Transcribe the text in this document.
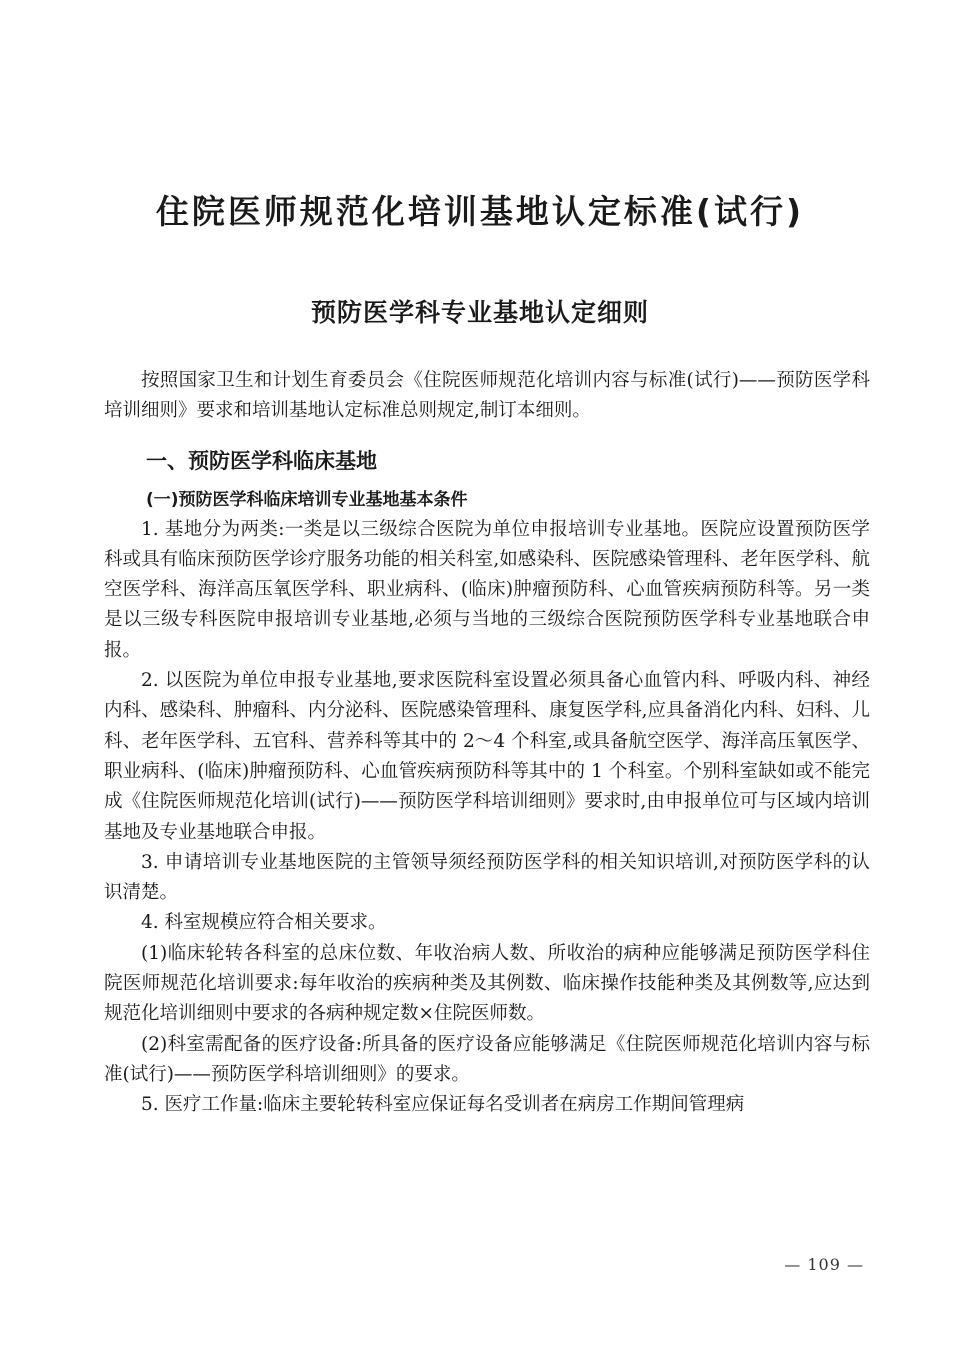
住院医师规范化培训基地认定标准(试行)
预防医学科专业基地认定细则

按照国家卫生和计划生育委员会《住院医师规范化培训内容与标准(试行)——预防医学科培训细则》要求和培训基地认定标准总则规定,制订本细则。

一、预防医学科临床基地
(一)预防医学科临床培训专业基地基本条件

1. 基地分为两类:一类是以三级综合医院为单位申报培训专业基地。医院应设置预防医学科或具有临床预防医学诊疗服务功能的相关科室,如感染科、医院感染管理科、老年医学科、航空医学科、海洋高压氧医学科、职业病科、(临床)肿瘤预防科、心血管疾病预防科等。另一类是以三级专科医院申报培训专业基地,必须与当地的三级综合医院预防医学科专业基地联合申报。

2. 以医院为单位申报专业基地,要求医院科室设置必须具备心血管内科、呼吸内科、神经内科、感染科、肿瘤科、内分泌科、医院感染管理科、康复医学科,应具备消化内科、妇科、儿科、老年医学科、五官科、营养科等其中的 2～4 个科室,或具备航空医学、海洋高压氧医学、职业病科、(临床)肿瘤预防科、心血管疾病预防科等其中的 1 个科室。个别科室缺如或不能完成《住院医师规范化培训(试行)——预防医学科培训细则》要求时,由申报单位可与区域内培训基地及专业基地联合申报。

3. 申请培训专业基地医院的主管领导须经预防医学科的相关知识培训,对预防医学科的认识清楚。

4. 科室规模应符合相关要求。

(1)临床轮转各科室的总床位数、年收治病人数、所收治的病种应能够满足预防医学科住院医师规范化培训要求:每年收治的疾病种类及其例数、临床操作技能种类及其例数等,应达到规范化培训细则中要求的各病种规定数×住院医师数。

(2)科室需配备的医疗设备:所具备的医疗设备应能够满足《住院医师规范化培训内容与标准(试行)——预防医学科培训细则》的要求。

5. 医疗工作量:临床主要轮转科室应保证每名受训者在病房工作期间管理病

— 109 —
